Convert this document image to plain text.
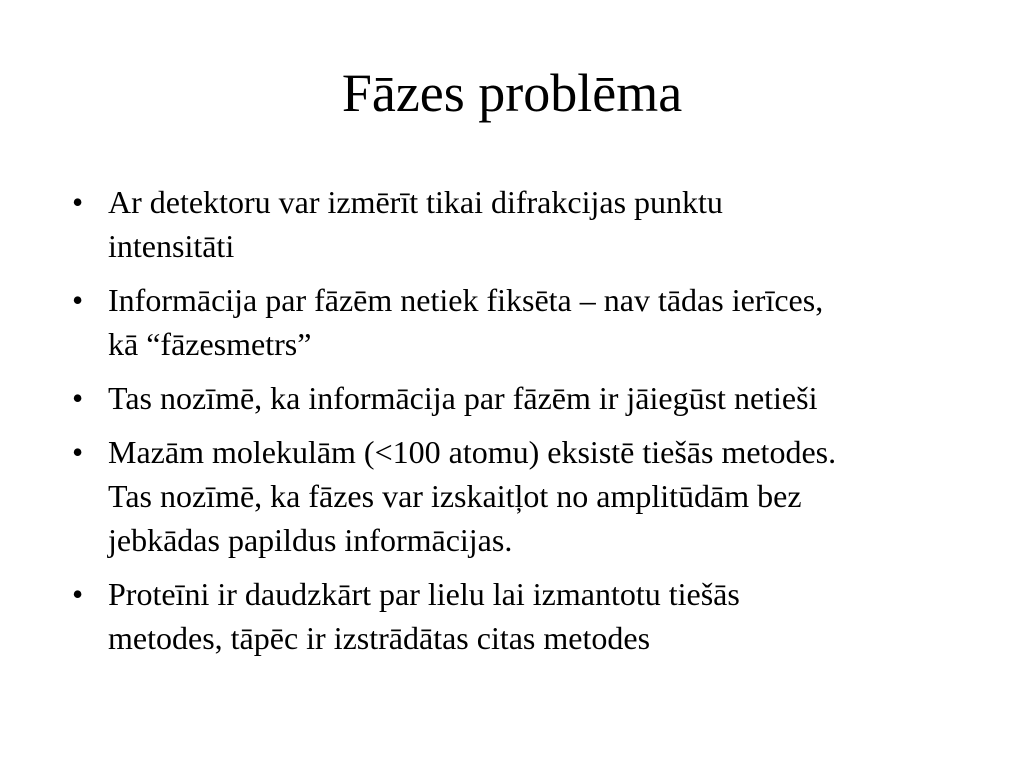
Fāzes problēma
• Ar detektoru var izmērīt tikai difrakcijas punktu
intensitāti
• Informācija par fāzēm netiek fiksēta – nav tādas ierīces,
kā “fāzesmetrs”
• Tas nozīmē, ka informācija par fāzēm ir jāiegūst netieši
• Mazām molekulām (<100 atomu) eksistē tiešās metodes.
Tas nozīmē, ka fāzes var izskaitļot no amplitūdām bez
jebkādas papildus informācijas.
• Proteīni ir daudzkārt par lielu lai izmantotu tiešās
metodes, tāpēc ir izstrādātas citas metodes
